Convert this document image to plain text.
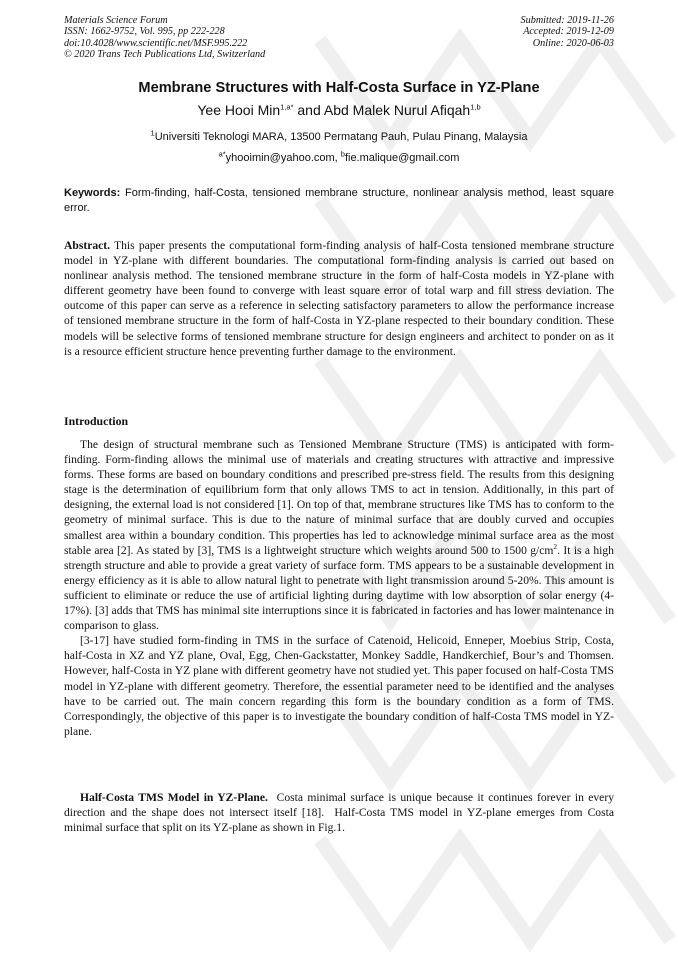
Materials Science Forum
ISSN: 1662-9752, Vol. 995, pp 222-228
doi:10.4028/www.scientific.net/MSF.995.222
© 2020 Trans Tech Publications Ltd, Switzerland
Submitted: 2019-11-26
Accepted: 2019-12-09
Online: 2020-06-03
Membrane Structures with Half-Costa Surface in YZ-Plane
Yee Hooi Min$^{1,a*}$ and Abd Malek Nurul Afiqah$^{1,b}$
$^1$Universiti Teknologi MARA, 13500 Permatang Pauh, Pulau Pinang, Malaysia
$^{a*}$yhooimin@yahoo.com, $^b$fie.malique@gmail.com
Keywords: Form-finding, half-Costa, tensioned membrane structure, nonlinear analysis method, least square error.
Abstract. This paper presents the computational form-finding analysis of half-Costa tensioned membrane structure model in YZ-plane with different boundaries. The computational form-finding analysis is carried out based on nonlinear analysis method. The tensioned membrane structure in the form of half-Costa models in YZ-plane with different geometry have been found to converge with least square error of total warp and fill stress deviation. The outcome of this paper can serve as a reference in selecting satisfactory parameters to allow the performance increase of tensioned membrane structure in the form of half-Costa in YZ-plane respected to their boundary condition. These models will be selective forms of tensioned membrane structure for design engineers and architect to ponder on as it is a resource efficient structure hence preventing further damage to the environment.
Introduction

The design of structural membrane such as Tensioned Membrane Structure (TMS) is anticipated with form-finding. Form-finding allows the minimal use of materials and creating structures with attractive and impressive forms. These forms are based on boundary conditions and prescribed pre-stress field. The results from this designing stage is the determination of equilibrium form that only allows TMS to act in tension. Additionally, in this part of designing, the external load is not considered [1]. On top of that, membrane structures like TMS has to conform to the geometry of minimal surface. This is due to the nature of minimal surface that are doubly curved and occupies smallest area within a boundary condition. This properties has led to acknowledge minimal surface area as the most stable area [2]. As stated by [3], TMS is a lightweight structure which weights around 500 to 1500 $g/cm^2$. It is a high strength structure and able to provide a great variety of surface form. TMS appears to be a sustainable development in energy efficiency as it is able to allow natural light to penetrate with light transmission around 5-20%. This amount is sufficient to eliminate or reduce the use of artificial lighting during daytime with low absorption of solar energy (4-17%). [3] adds that TMS has minimal site interruptions since it is fabricated in factories and has lower maintenance in comparison to glass.

[3-17] have studied form-finding in TMS in the surface of Catenoid, Helicoid, Enneper, Moebius Strip, Costa, half-Costa in XZ and YZ plane, Oval, Egg, Chen-Gackstatter, Monkey Saddle, Handkerchief, Bour’s and Thomsen. However, half-Costa in YZ plane with different geometry have not studied yet. This paper focused on half-Costa TMS model in YZ-plane with different geometry. Therefore, the essential parameter need to be identified and the analyses have to be carried out. The main concern regarding this form is the boundary condition as a form of TMS. Correspondingly, the objective of this paper is to investigate the boundary condition of half-Costa TMS model in YZ-plane.

Half-Costa TMS Model in YZ-Plane.  Costa minimal surface is unique because it continues forever in every direction and the shape does not intersect itself [18].  Half-Costa TMS model in YZ-plane emerges from Costa minimal surface that split on its YZ-plane as shown in Fig.1.
